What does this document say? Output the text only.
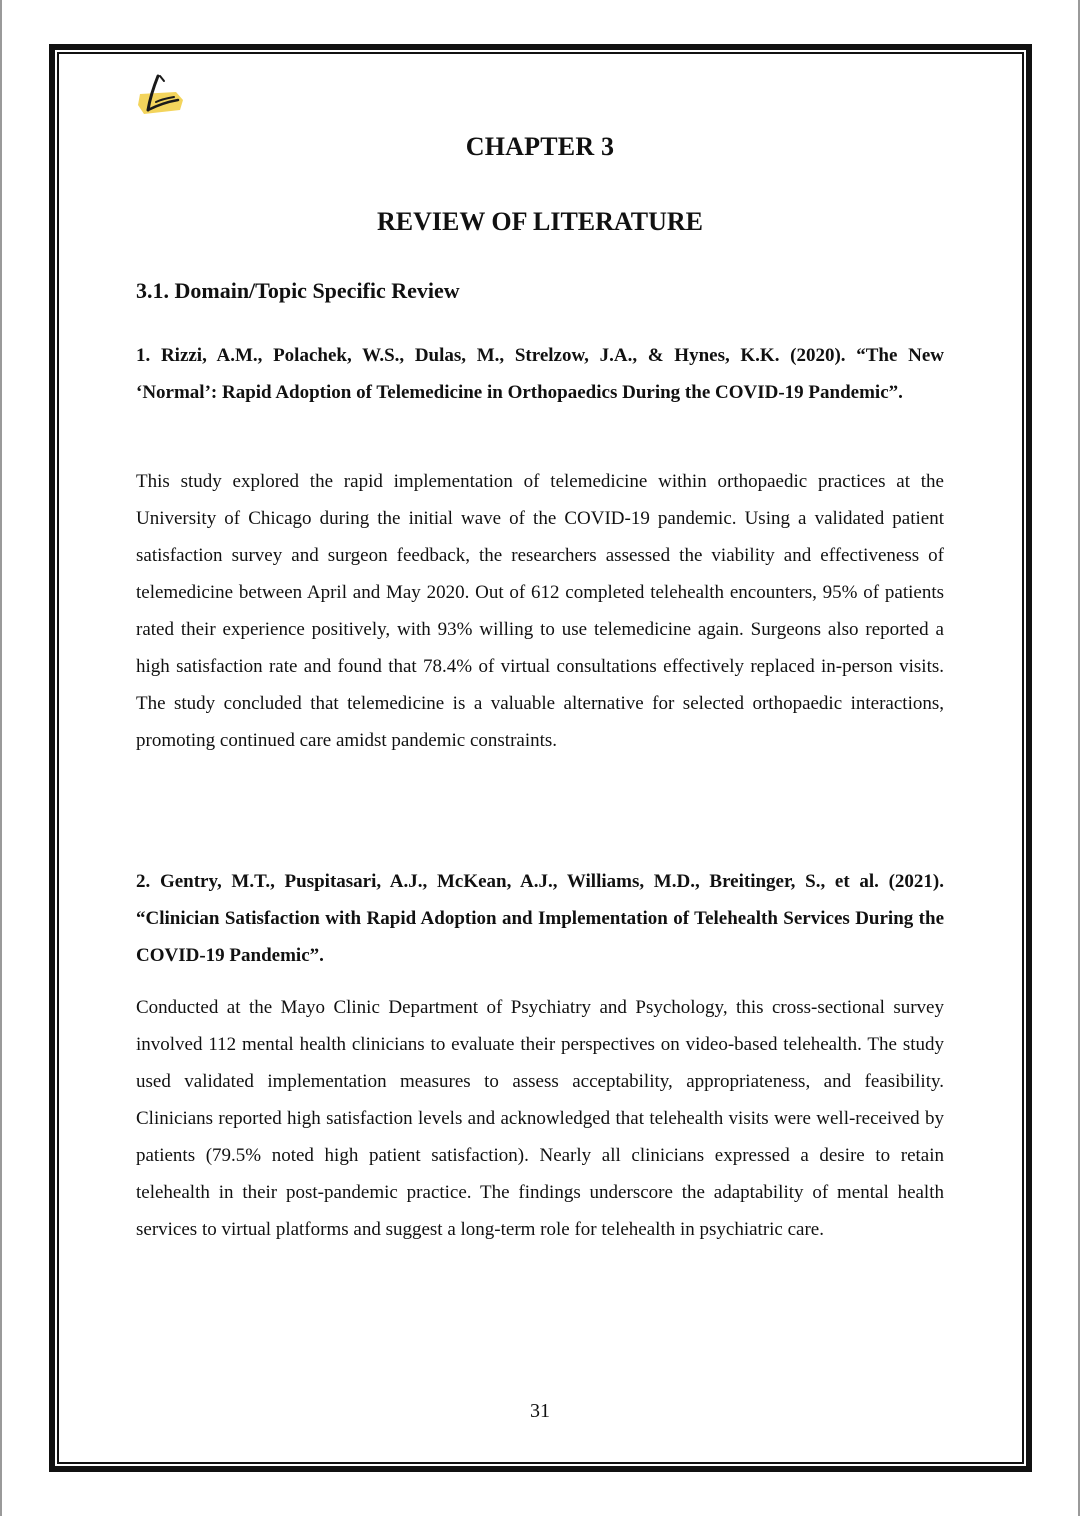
CHAPTER 3
REVIEW OF LITERATURE
3.1. Domain/Topic Specific Review

1. Rizzi, A.M., Polachek, W.S., Dulas, M., Strelzow, J.A., & Hynes, K.K. (2020). “The New ‘Normal’: Rapid Adoption of Telemedicine in Orthopaedics During the COVID-19 Pandemic”.

This study explored the rapid implementation of telemedicine within orthopaedic practices at the University of Chicago during the initial wave of the COVID-19 pandemic. Using a validated patient satisfaction survey and surgeon feedback, the researchers assessed the viability and effectiveness of telemedicine between April and May 2020. Out of 612 completed telehealth encounters, 95% of patients rated their experience positively, with 93% willing to use telemedicine again. Surgeons also reported a high satisfaction rate and found that 78.4% of virtual consultations effectively replaced in-person visits. The study concluded that telemedicine is a valuable alternative for selected orthopaedic interactions, promoting continued care amidst pandemic constraints.

2. Gentry, M.T., Puspitasari, A.J., McKean, A.J., Williams, M.D., Breitinger, S., et al. (2021). “Clinician Satisfaction with Rapid Adoption and Implementation of Telehealth Services During the COVID-19 Pandemic”.

Conducted at the Mayo Clinic Department of Psychiatry and Psychology, this cross-sectional survey involved 112 mental health clinicians to evaluate their perspectives on video-based telehealth. The study used validated implementation measures to assess acceptability, appropriateness, and feasibility. Clinicians reported high satisfaction levels and acknowledged that telehealth visits were well-received by patients (79.5% noted high patient satisfaction). Nearly all clinicians expressed a desire to retain telehealth in their post-pandemic practice. The findings underscore the adaptability of mental health services to virtual platforms and suggest a long-term role for telehealth in psychiatric care.

31
